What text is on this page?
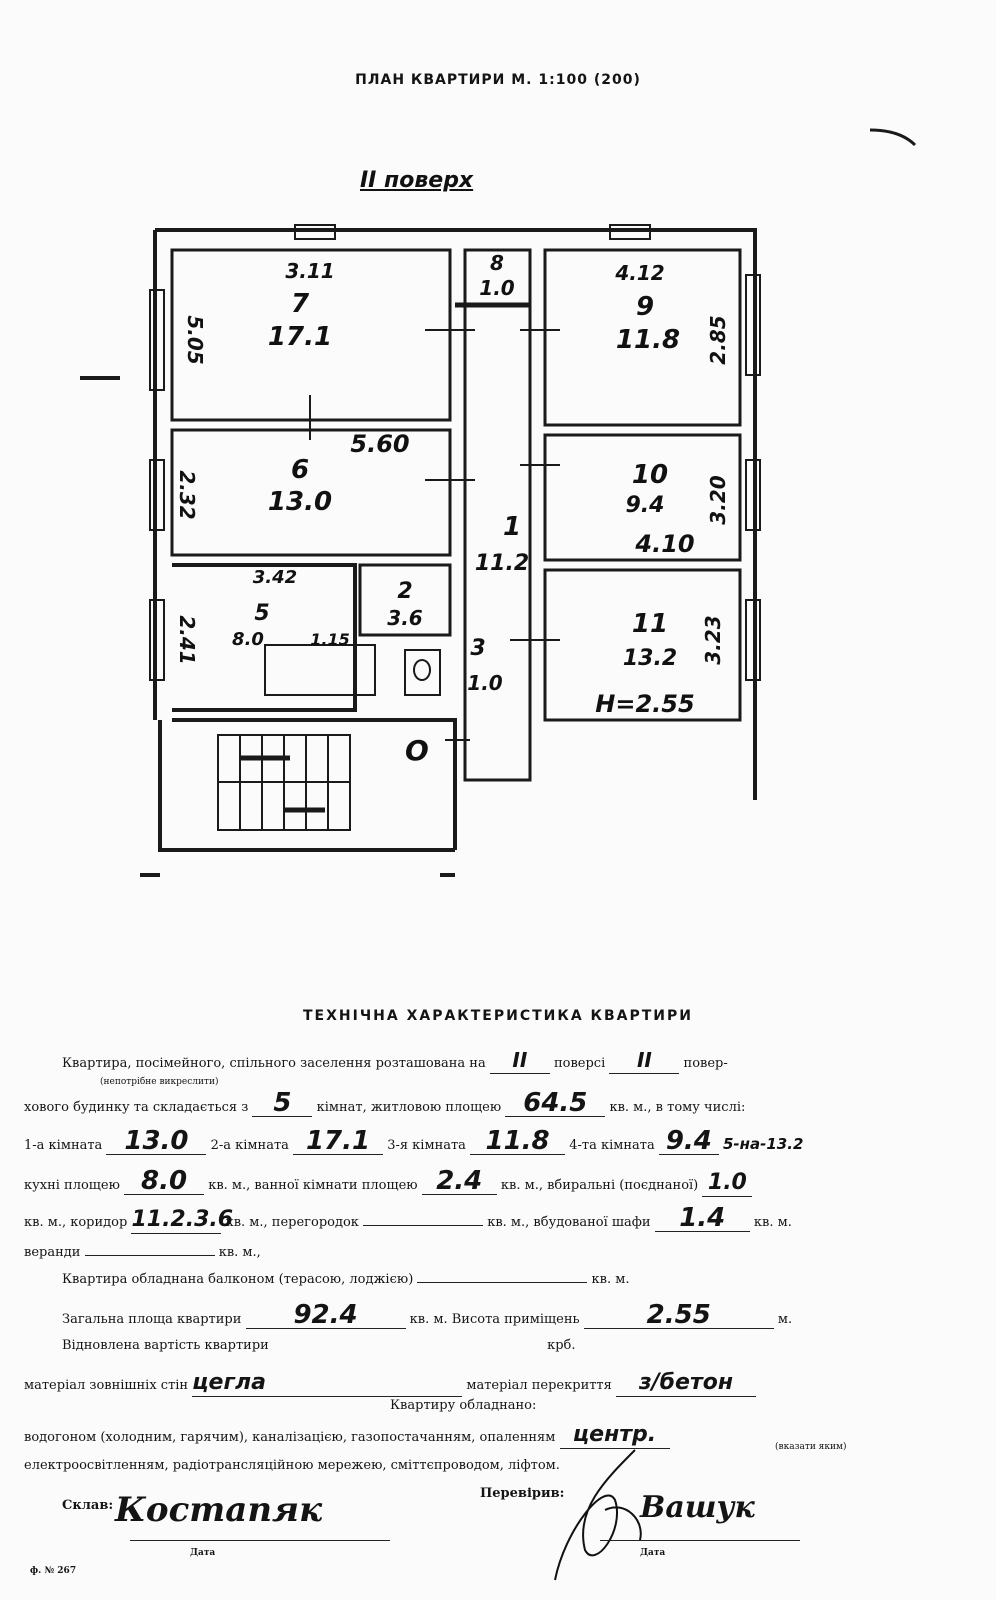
ПЛАН КВАРТИРИ М. 1:100 (200)
II поверх
7
17.1
6
13.0
5
8.0
2
3.6
3
1.0
8
1.0
1
11.2
9
11.8
10
9.4
11
13.2
3.11
5.05
5.60
2.32
3.42
2.41	1.15
4.12
2.85
4.10
3.20
3.23
H=2.55
O
ТЕХНІЧНА ХАРАКТЕРИСТИКА КВАРТИРИ
Квартира, посімейного, спільного заселення розташована на II поверсі II повер-
(непотрібне викреслити)
хового будинку та складається з 5 кімнат, житловою площею 64.5 кв. м., в тому числі:
1-а кімната 13.0 2-а кімната 17.1 3-я кімната 11.8 4-та кімната 9.4 5-на-13.2
кухні площею 8.0 кв. м., ванної кімнати площею 2.4 кв. м., вбиральні (поєднаної) 1.0
кв. м., коридор 11.2.3.6 кв. м., перегородок	кв. м., вбудованої шафи 1.4 кв. м.
веранди	кв. м.,
Квартира обладнана балконом (терасою, лоджією)	кв. м.
Загальна площа квартири 92.4	кв. м. Висота приміщень	2.55	м.
Відновлена вартість квартири	крб.
матеріал зовнішніх стін цегла	матеріал перекриття з/бетон
Квартиру обладнано:
водогоном (холодним, гарячим), каналізацією, газопостачанням, опаленням центр.	(вказати яким)
електроосвітленням, радіотрансляційною мережею, сміттєпроводом, ліфтом.
Склав: Костапяк
Дата
Перевірив:	Вашук
Дата
ф. № 267
